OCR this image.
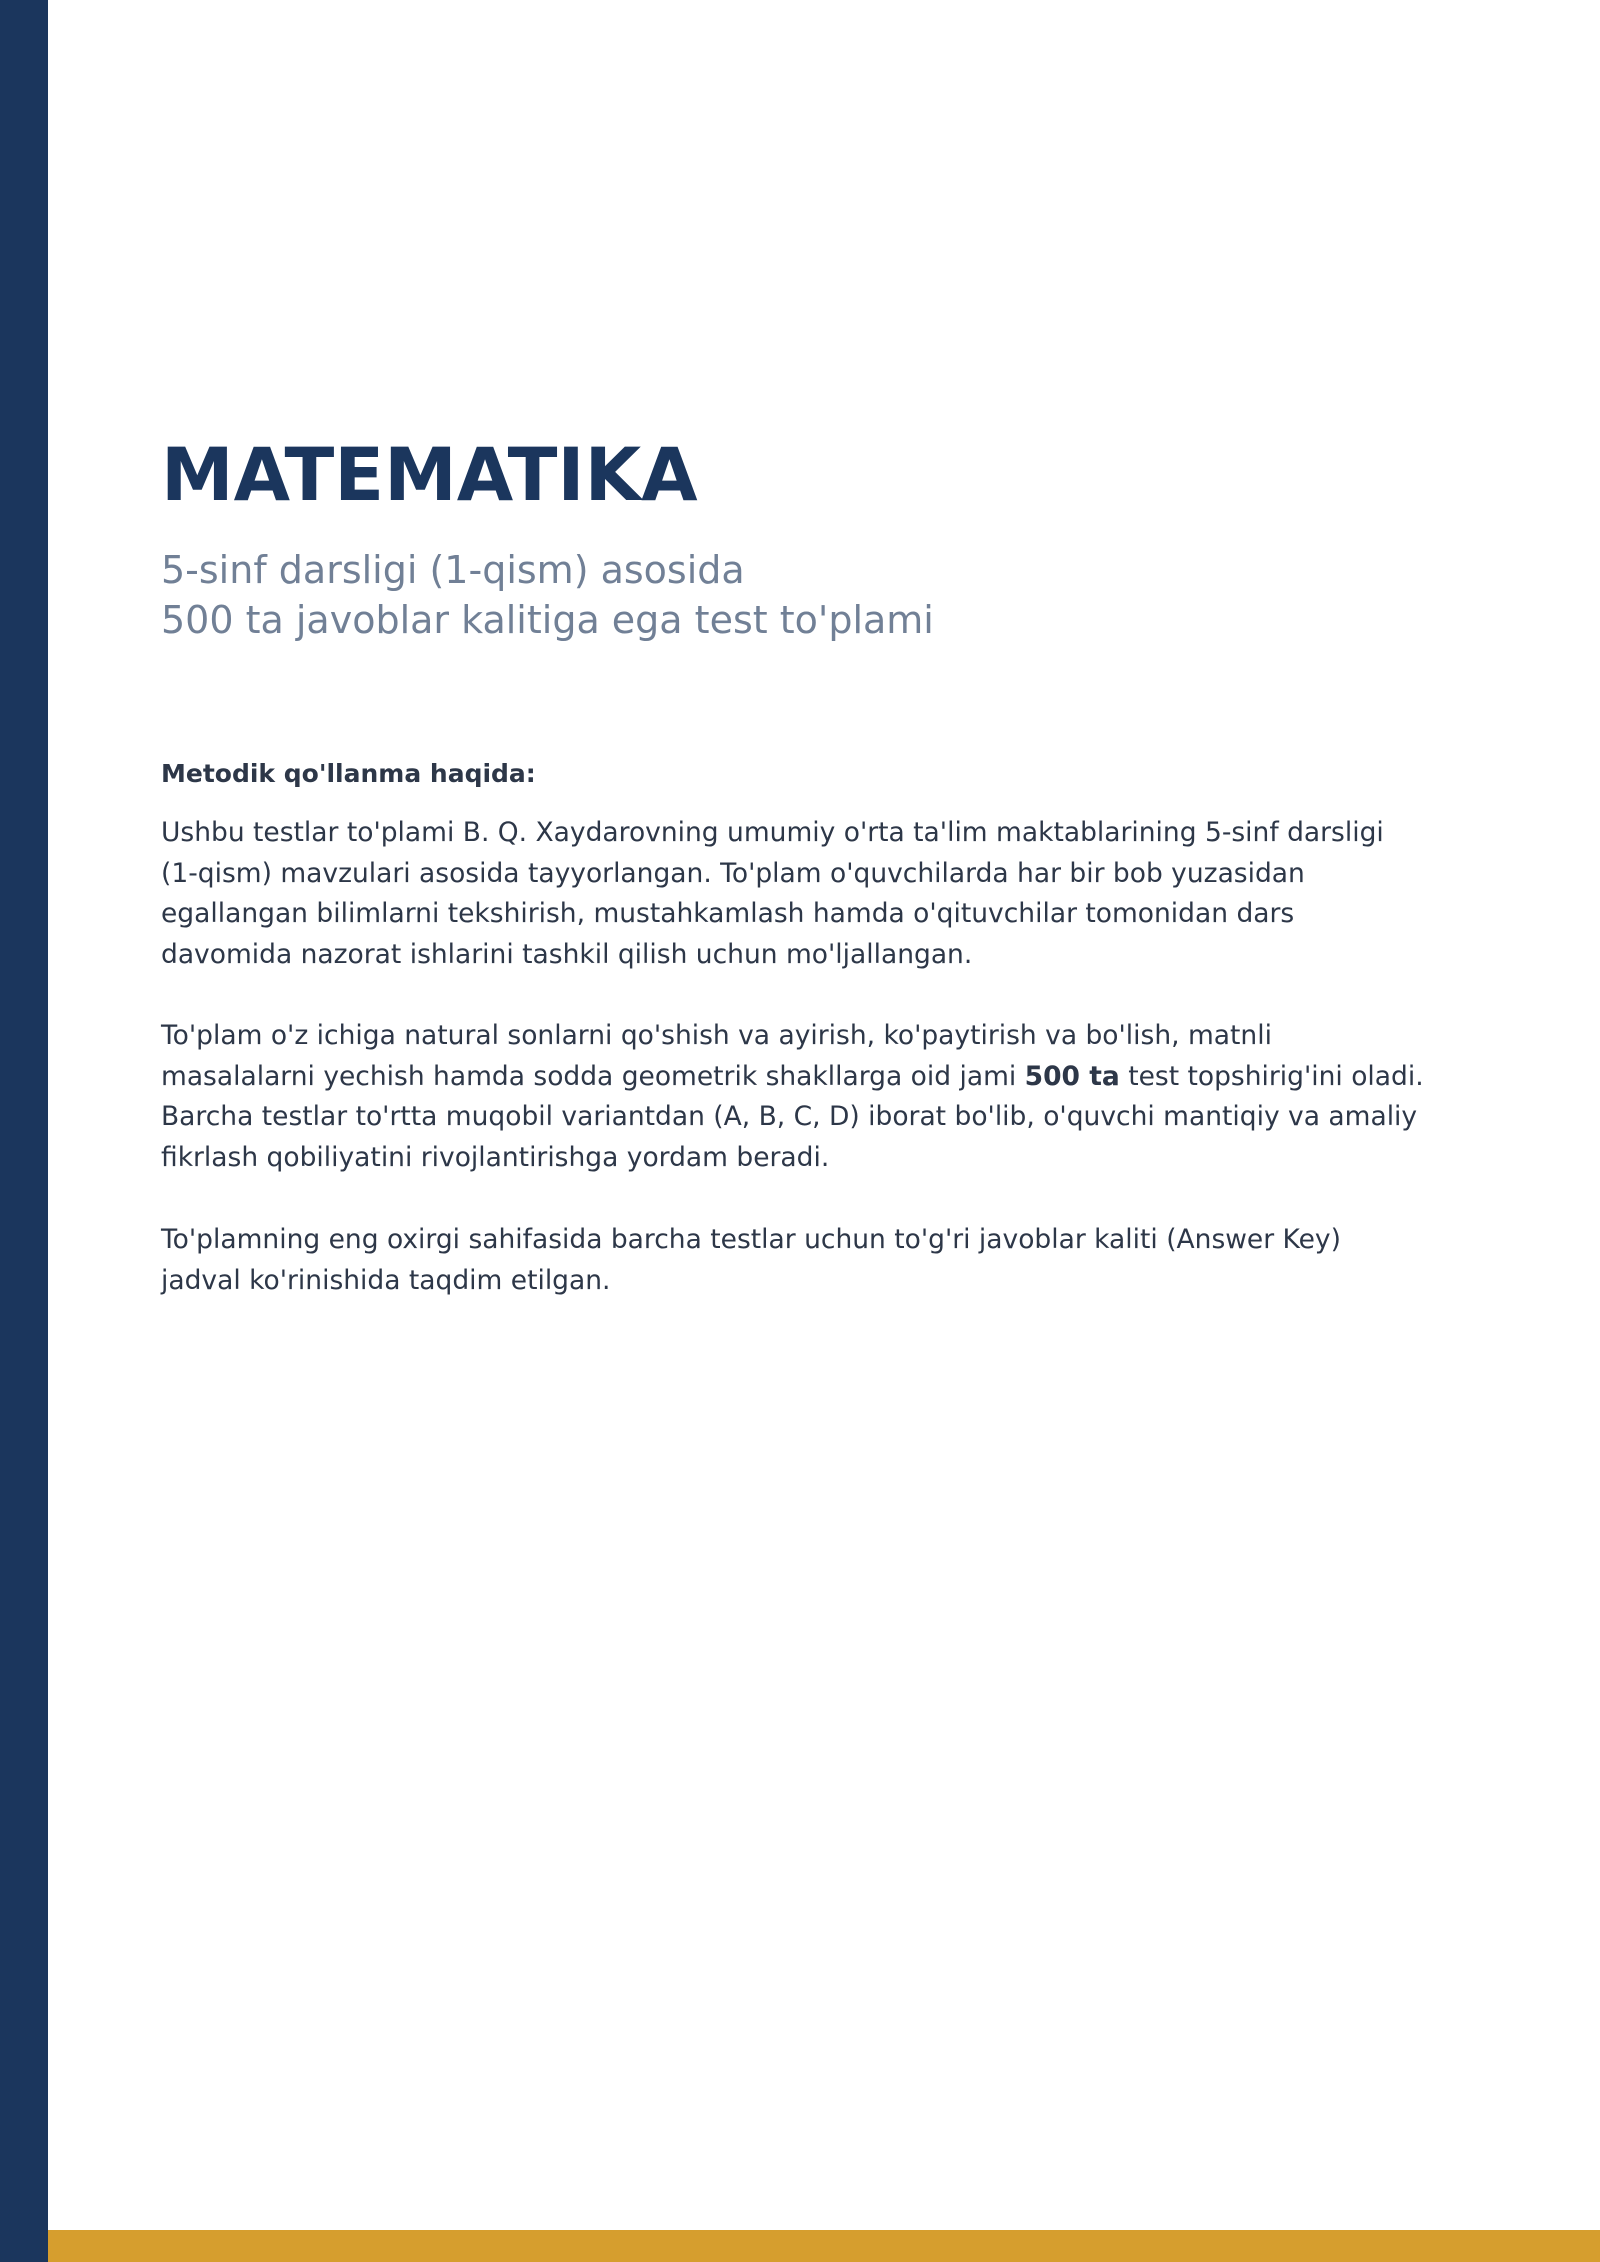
MATEMATIKA
5-sinf darsligi (1-qism) asosida
500 ta javoblar kalitiga ega test to'plami
Metodik qo'llanma haqida:

Ushbu testlar to'plami B. Q. Xaydarovning umumiy o'rta ta'lim maktablarining 5-sinf darsligi
(1-qism) mavzulari asosida tayyorlangan. To'plam o'quvchilarda har bir bob yuzasidan
egallangan bilimlarni tekshirish, mustahkamlash hamda o'qituvchilar tomonidan dars
davomida nazorat ishlarini tashkil qilish uchun mo'ljallangan.

To'plam o'z ichiga natural sonlarni qo'shish va ayirish, ko'paytirish va bo'lish, matnli
masalalarni yechish hamda sodda geometrik shakllarga oid jami 500 ta test topshirig'ini oladi.
Barcha testlar to'rtta muqobil variantdan (A, B, C, D) iborat bo'lib, o'quvchi mantiqiy va amaliy
fikrlash qobiliyatini rivojlantirishga yordam beradi.

To'plamning eng oxirgi sahifasida barcha testlar uchun to'g'ri javoblar kaliti (Answer Key)
jadval ko'rinishida taqdim etilgan.
